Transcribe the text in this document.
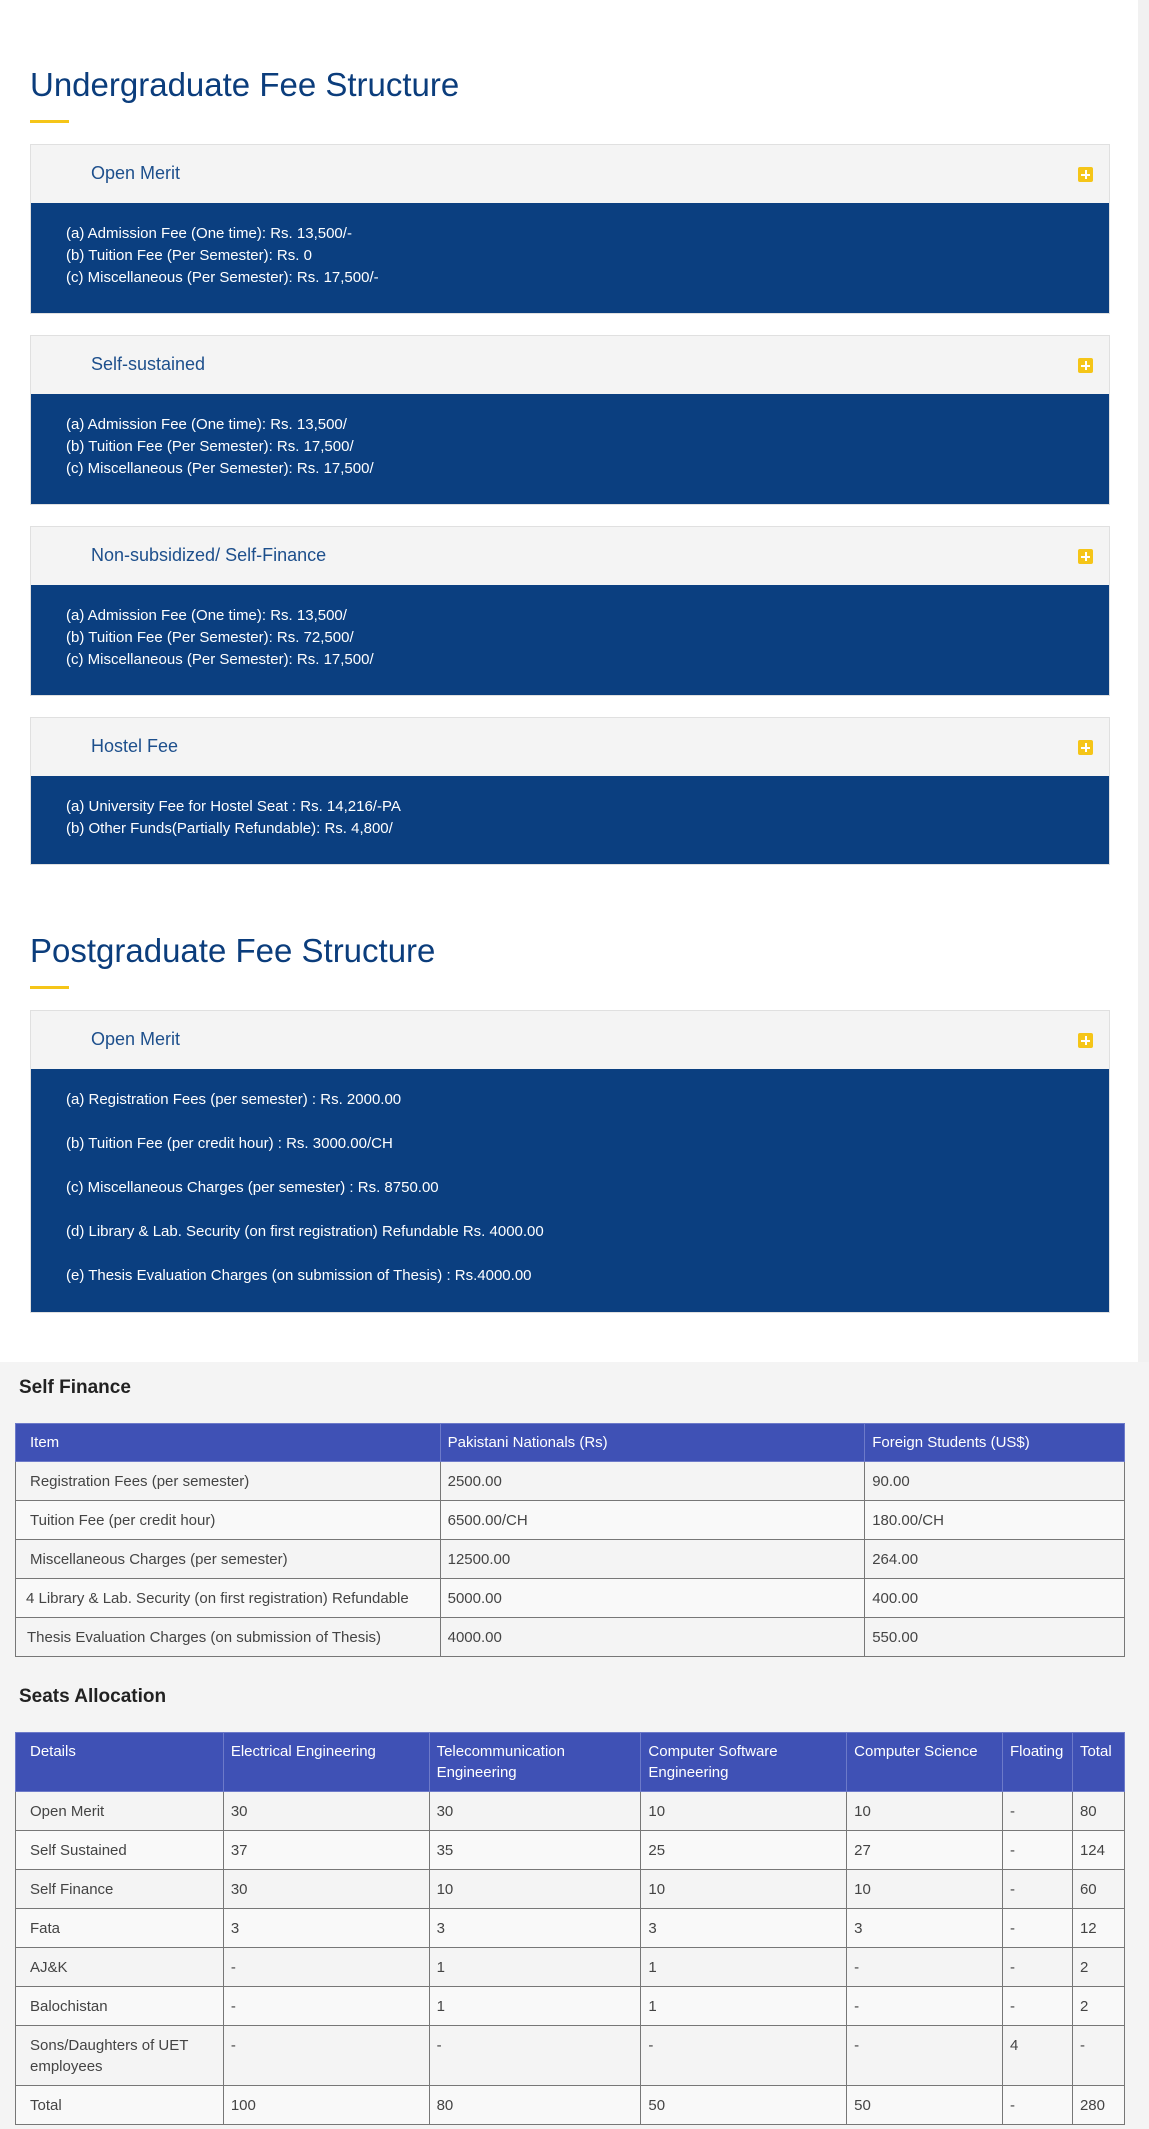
Undergraduate Fee Structure
Open Merit
(a) Admission Fee (One time): Rs. 13,500/-
(b) Tuition Fee (Per Semester): Rs. 0
(c) Miscellaneous (Per Semester): Rs. 17,500/-
Self-sustained
(a) Admission Fee (One time): Rs. 13,500/
(b) Tuition Fee (Per Semester): Rs. 17,500/
(c) Miscellaneous (Per Semester): Rs. 17,500/
Non-subsidized/ Self-Finance
(a) Admission Fee (One time): Rs. 13,500/
(b) Tuition Fee (Per Semester): Rs. 72,500/
(c) Miscellaneous (Per Semester): Rs. 17,500/
Hostel Fee
(a) University Fee for Hostel Seat : Rs. 14,216/-PA
(b) Other Funds(Partially Refundable): Rs. 4,800/
Postgraduate Fee Structure
Open Merit
(a) Registration Fees (per semester) : Rs. 2000.00
(b) Tuition Fee (per credit hour) : Rs. 3000.00/CH
(c) Miscellaneous Charges (per semester) : Rs. 8750.00
(d) Library & Lab. Security (on first registration) Refundable Rs. 4000.00
(e) Thesis Evaluation Charges (on submission of Thesis) : Rs.4000.00
Self Finance
Item	Pakistani Nationals (Rs)	Foreign Students (US$)
Registration Fees (per semester)	2500.00	90.00
Tuition Fee (per credit hour)	6500.00/CH	180.00/CH
Miscellaneous Charges (per semester)	12500.00	264.00
4 Library & Lab. Security (on first registration) Refundable	5000.00	400.00
Thesis Evaluation Charges (on submission of Thesis)	4000.00	550.00
Seats Allocation
Details	Electrical Engineering	Telecommunication Engineering	Computer Software Engineering	Computer Science	Floating	Total
Open Merit	30	30	10	10	-	80
Self Sustained	37	35	25	27	-	124
Self Finance	30	10	10	10	-	60
Fata	3	3	3	3	-	12
AJ&K	-	1	1	-	-	2
Balochistan	-	1	1	-	-	2
Sons/Daughters of UET employees	-	-	-	-	4	-
Total	100	80	50	50	-	280
